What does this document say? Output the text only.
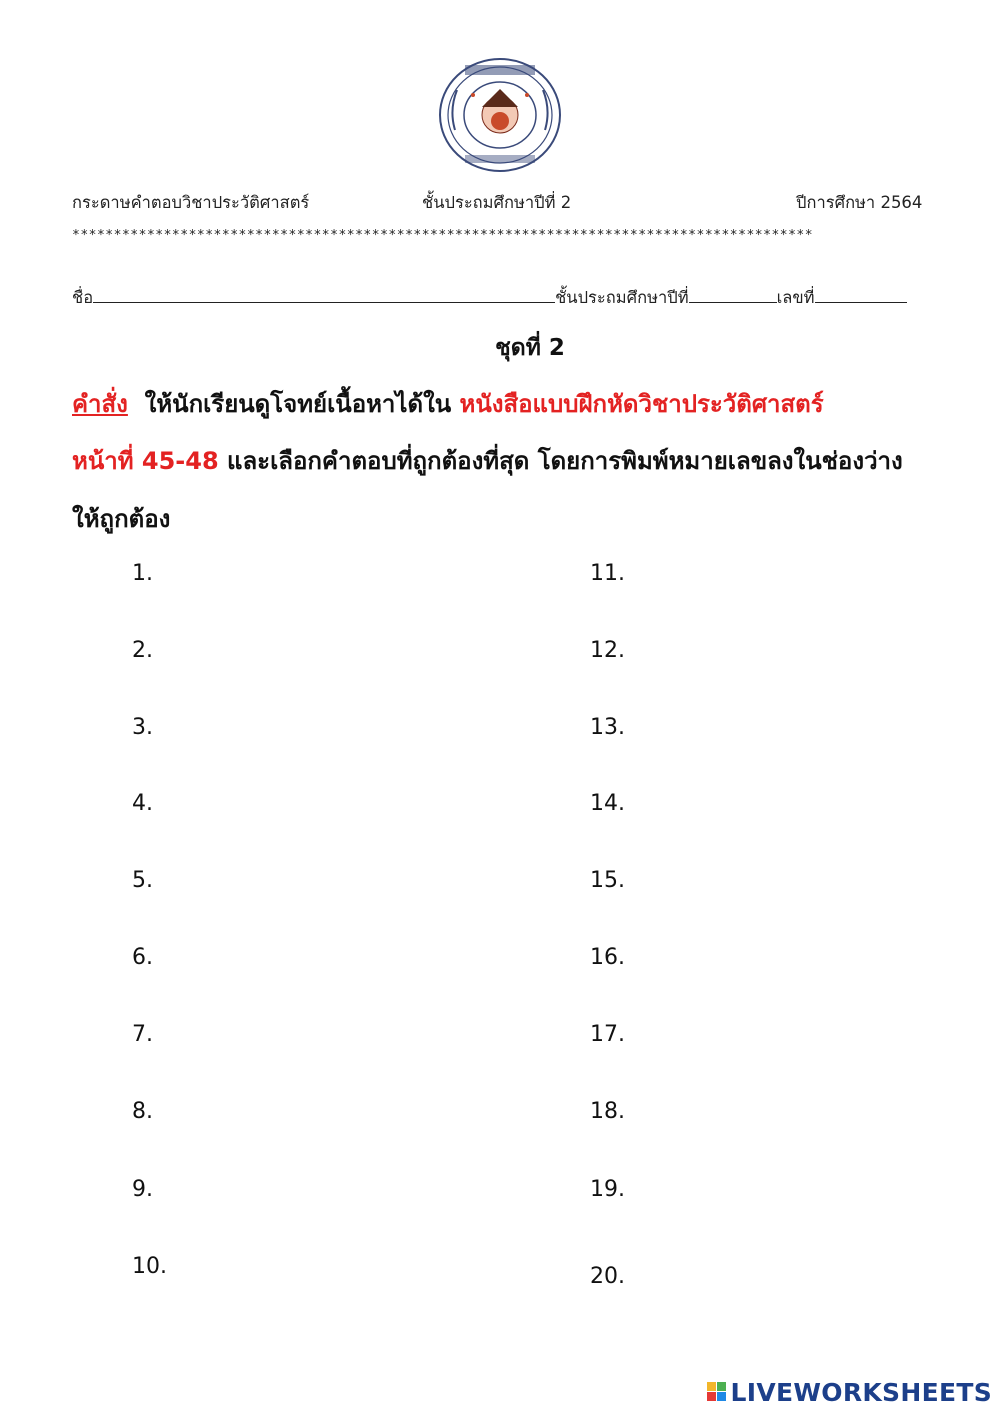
กระดาษคำตอบวิชาประวัติศาสตร์	ชั้นประถมศึกษาปีที่ 2	ปีการศึกษา 2564
*****************************************************************************************
ชื่อ	ชั้นประถมศึกษาปีที่	เลขที่
ชุดที่ 2
คำสั่ง ให้นักเรียนดูโจทย์เนื้อหาได้ใน หนังสือแบบฝึกหัดวิชาประวัติศาสตร์
หน้าที่ 45-48 และเลือกคำตอบที่ถูกต้องที่สุด โดยการพิมพ์หมายเลขลงในช่องว่าง
ให้ถูกต้อง
1.
2.
3.
4.
5.
6.
7.
8.
9.
10.
11.
12.
13.
14.
15.
16.
17.
18.
19.
20.
LIVEWORKSHEETS
